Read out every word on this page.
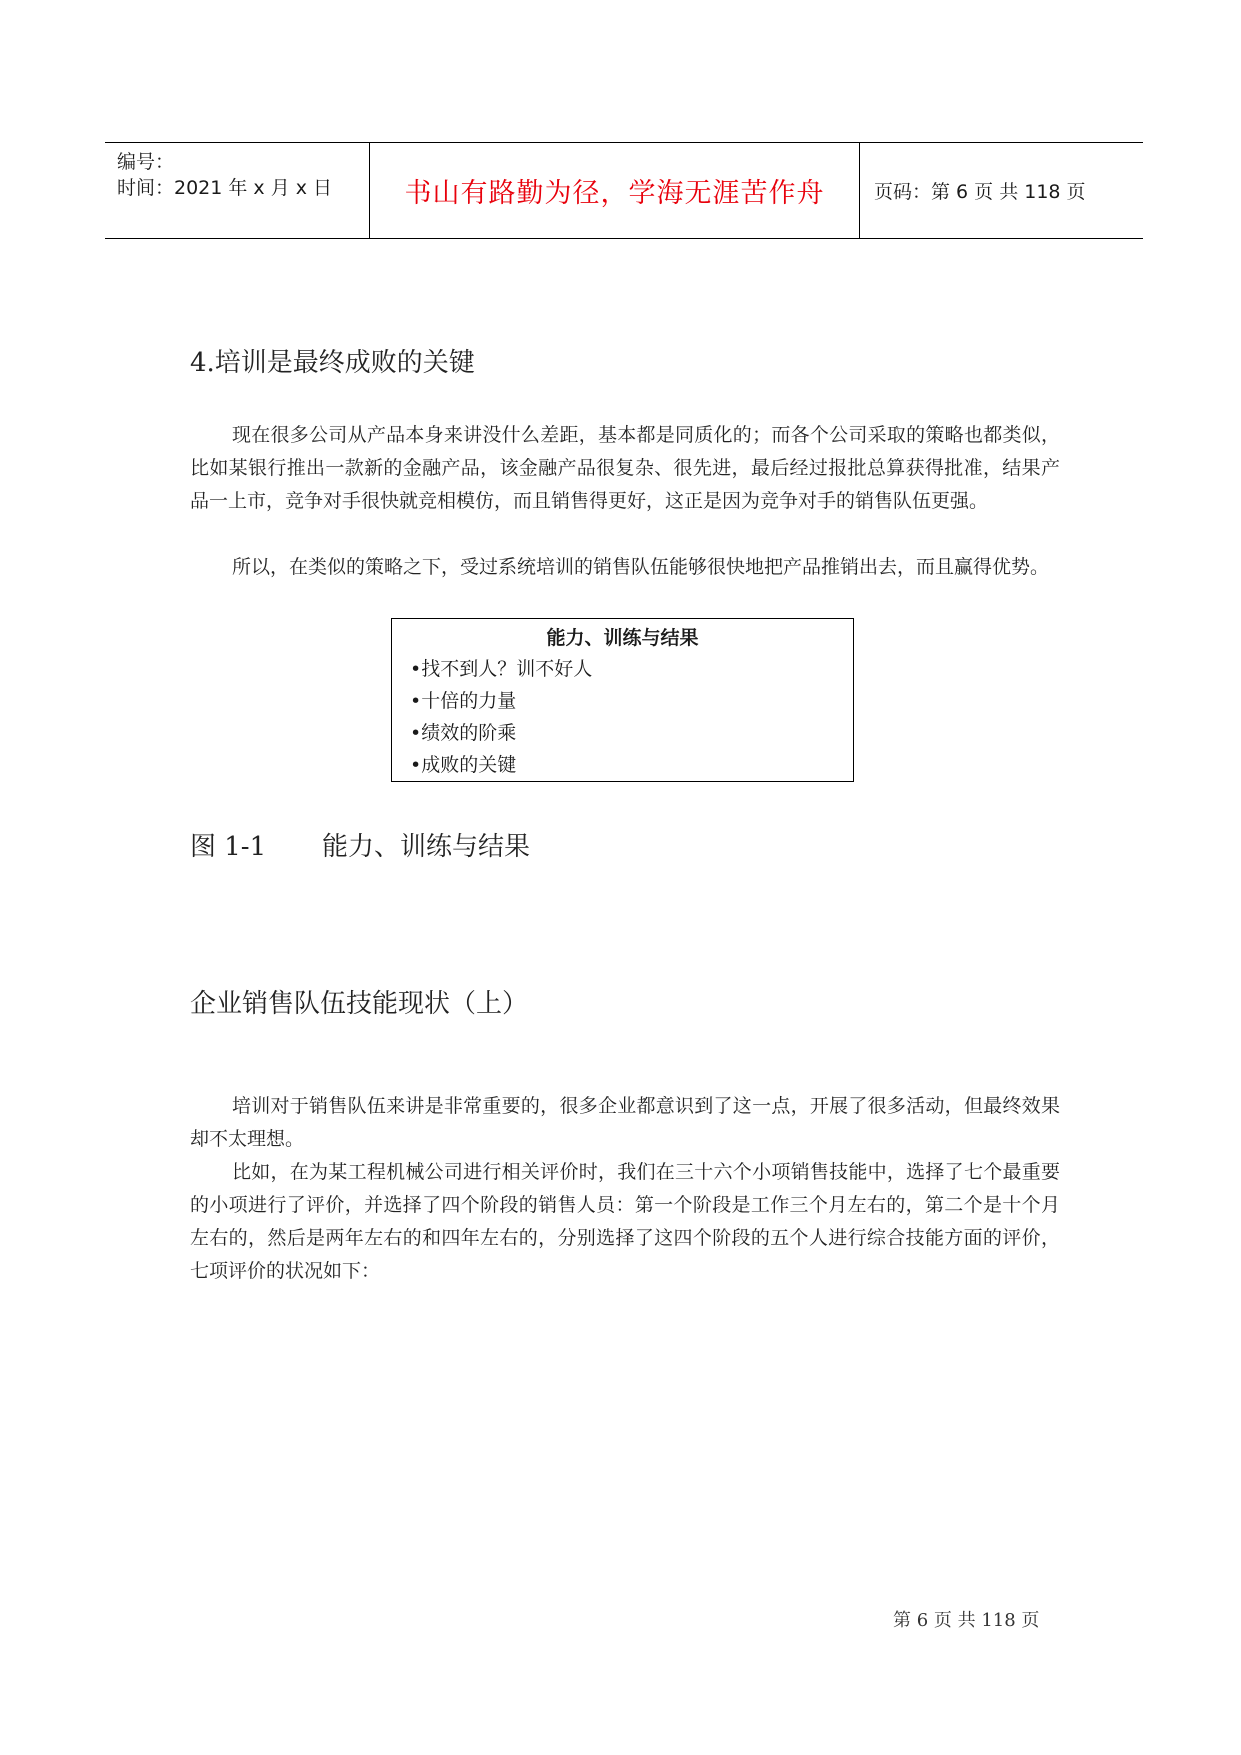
编号：
时间：2021 年 x 月 x 日	书山有路勤为径，学海无涯苦作舟	页码：第 6 页 共 118 页
4.培训是最终成败的关键
现在很多公司从产品本身来讲没什么差距，基本都是同质化的；而各个公司采取的策略也都类似，比如某银行推出一款新的金融产品，该金融产品很复杂、很先进，最后经过报批总算获得批准，结果产品一上市，竞争对手很快就竞相模仿，而且销售得更好，这正是因为竞争对手的销售队伍更强。
所以，在类似的策略之下，受过系统培训的销售队伍能够很快地把产品推销出去，而且赢得优势。
能力、训练与结果
•找不到人？训不好人
•十倍的力量
•绩效的阶乘
•成败的关键
图 1-1 能力、训练与结果
企业销售队伍技能现状（上）
培训对于销售队伍来讲是非常重要的，很多企业都意识到了这一点，开展了很多活动，但最终效果却不太理想。
比如，在为某工程机械公司进行相关评价时，我们在三十六个小项销售技能中，选择了七个最重要的小项进行了评价，并选择了四个阶段的销售人员：第一个阶段是工作三个月左右的，第二个是十个月左右的，然后是两年左右的和四年左右的，分别选择了这四个阶段的五个人进行综合技能方面的评价，七项评价的状况如下：
第 6 页 共 118 页
